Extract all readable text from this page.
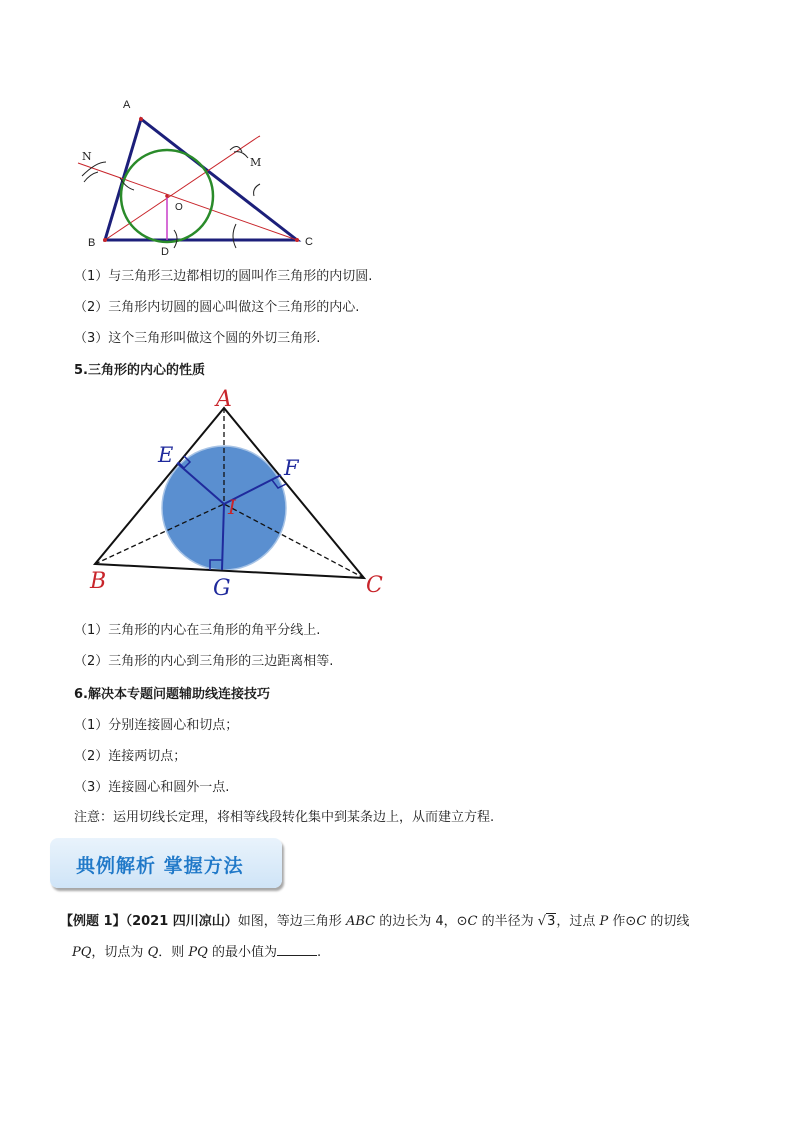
A
B	C
O
D
N	M
（1）与三角形三边都相切的圆叫作三角形的内切圆.
（2）三角形内切圆的圆心叫做这个三角形的内心.
（3）这个三角形叫做这个圆的外切三角形.
5.三角形的内心的性质
A
B	C
E
F
G
I
（1）三角形的内心在三角形的角平分线上.
（2）三角形的内心到三角形的三边距离相等.
6.解决本专题问题辅助线连接技巧
（1）分别连接圆心和切点；
（2）连接两切点；
（3）连接圆心和圆外一点.
注意：运用切线长定理，将相等线段转化集中到某条边上，从而建立方程.
典例解析 掌握方法
【例题 1】（2021 四川凉山）如图，等边三角形 ABC 的边长为 4，⊙C 的半径为 √3，过点 P 作⊙C 的切线
PQ，切点为 Q．则 PQ 的最小值为	.
